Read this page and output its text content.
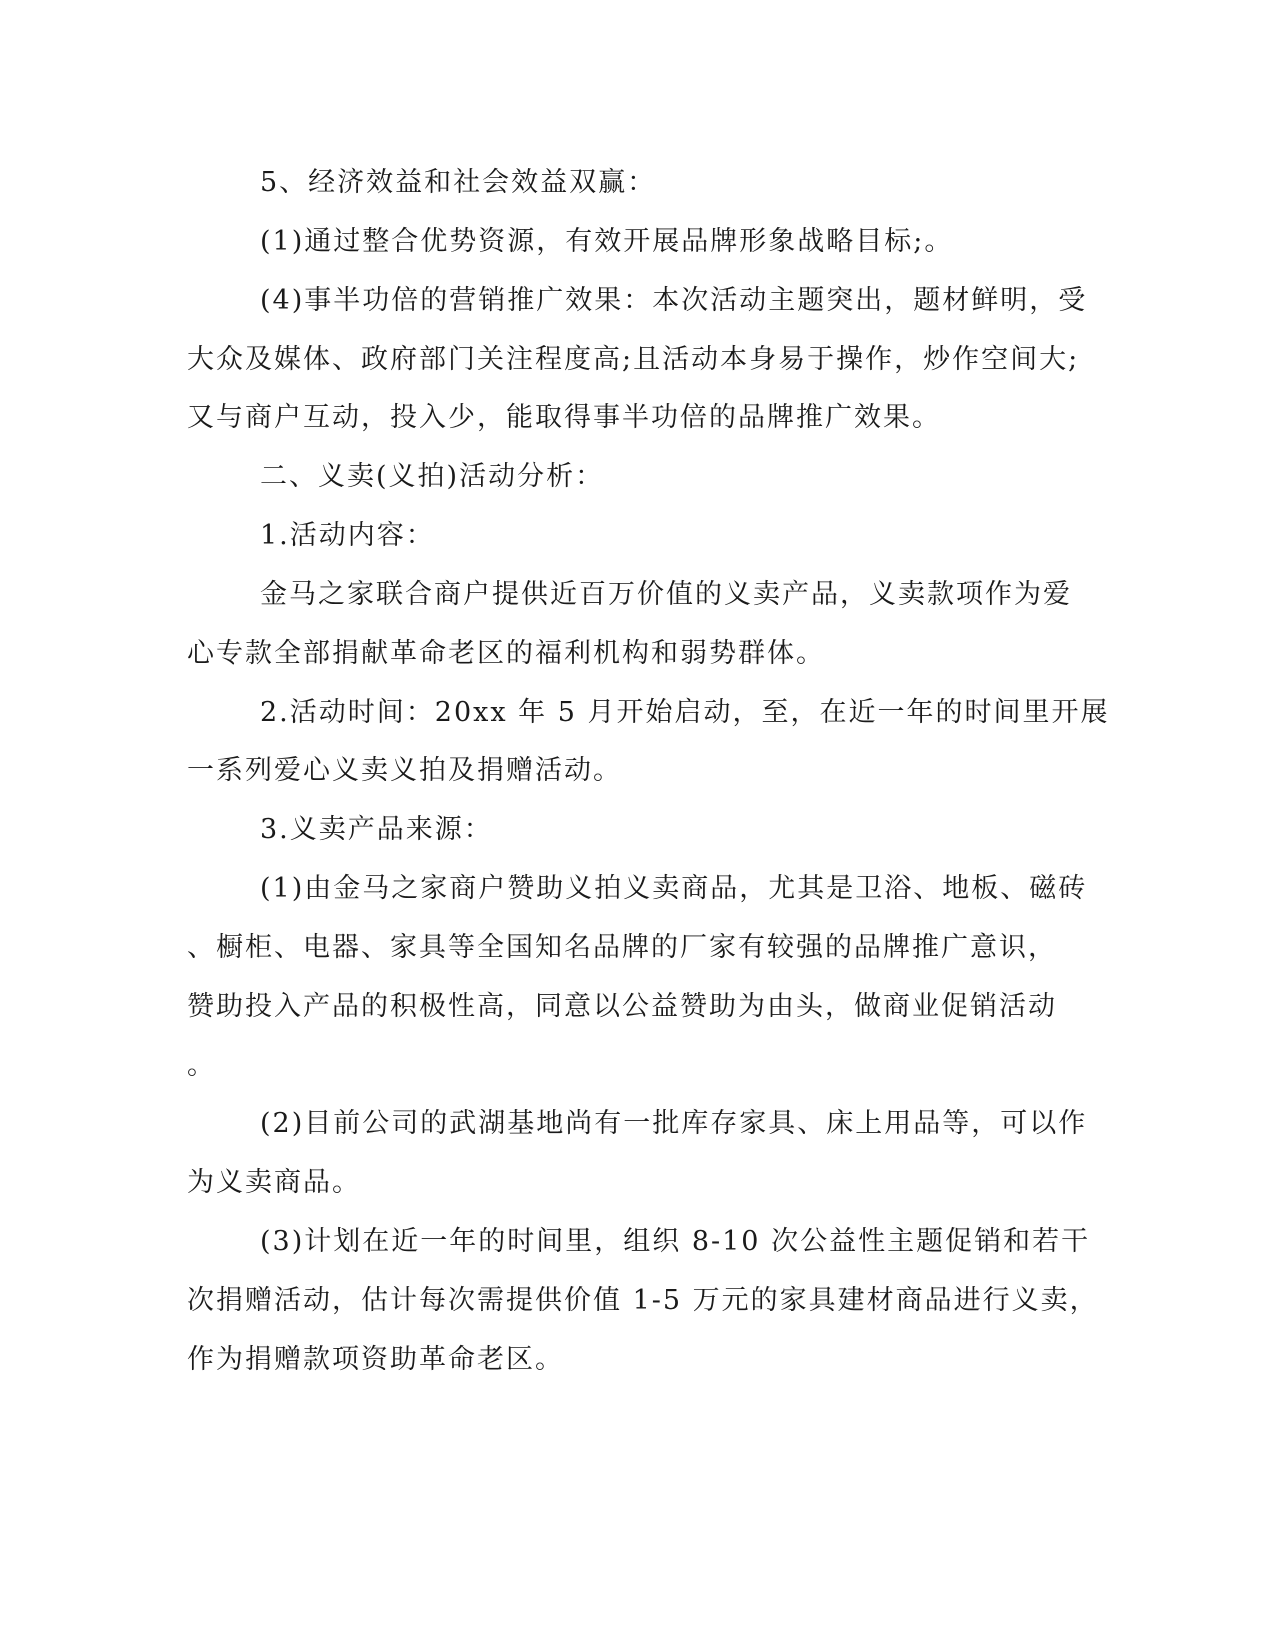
5、经济效益和社会效益双赢：
(1)通过整合优势资源，有效开展品牌形象战略目标;。
(4)事半功倍的营销推广效果：本次活动主题突出，题材鲜明，受
大众及媒体、政府部门关注程度高;且活动本身易于操作，炒作空间大;
又与商户互动，投入少，能取得事半功倍的品牌推广效果。
二、义卖(义拍)活动分析：
1.活动内容：
金马之家联合商户提供近百万价值的义卖产品，义卖款项作为爱
心专款全部捐献革命老区的福利机构和弱势群体。
2.活动时间：20xx 年 5 月开始启动，至，在近一年的时间里开展
一系列爱心义卖义拍及捐赠活动。
3.义卖产品来源：
(1)由金马之家商户赞助义拍义卖商品，尤其是卫浴、地板、磁砖
、橱柜、电器、家具等全国知名品牌的厂家有较强的品牌推广意识，
赞助投入产品的积极性高，同意以公益赞助为由头，做商业促销活动
。
(2)目前公司的武湖基地尚有一批库存家具、床上用品等，可以作
为义卖商品。
(3)计划在近一年的时间里，组织 8-10 次公益性主题促销和若干
次捐赠活动，估计每次需提供价值 1-5 万元的家具建材商品进行义卖，
作为捐赠款项资助革命老区。
